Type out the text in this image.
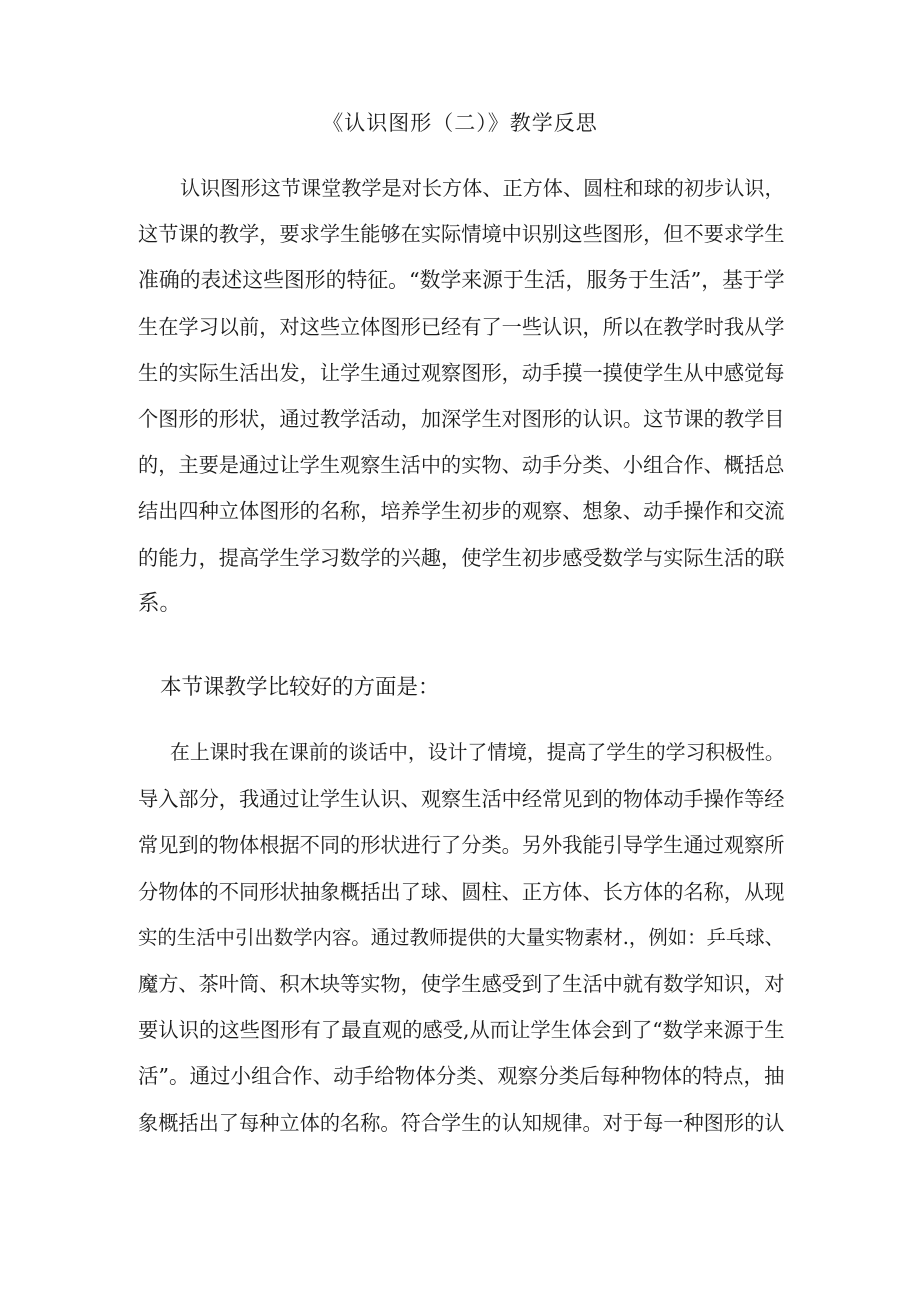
《认识图形（二）》教学反思
认识图形这节课堂教学是对长方体、正方体、圆柱和球的初步认识，
这节课的教学，要求学生能够在实际情境中识别这些图形，但不要求学生
准确的表述这些图形的特征。“数学来源于生活，服务于生活”，基于学
生在学习以前，对这些立体图形已经有了一些认识，所以在教学时我从学
生的实际生活出发，让学生通过观察图形，动手摸一摸使学生从中感觉每
个图形的形状，通过教学活动，加深学生对图形的认识。这节课的教学目
的，主要是通过让学生观察生活中的实物、动手分类、小组合作、概括总
结出四种立体图形的名称，培养学生初步的观察、想象、动手操作和交流
的能力，提高学生学习数学的兴趣，使学生初步感受数学与实际生活的联
系。
本节课教学比较好的方面是：
在上课时我在课前的谈话中，设计了情境，提高了学生的学习积极性。
导入部分，我通过让学生认识、观察生活中经常见到的物体动手操作等经
常见到的物体根据不同的形状进行了分类。另外我能引导学生通过观察所
分物体的不同形状抽象概括出了球、圆柱、正方体、长方体的名称，从现
实的生活中引出数学内容。通过教师提供的大量实物素材.，例如：乒乓球、
魔方、茶叶筒、积木块等实物，使学生感受到了生活中就有数学知识，对
要认识的这些图形有了最直观的感受,从而让学生体会到了“数学来源于生
活”。通过小组合作、动手给物体分类、观察分类后每种物体的特点，抽
象概括出了每种立体的名称。符合学生的认知规律。对于每一种图形的认
